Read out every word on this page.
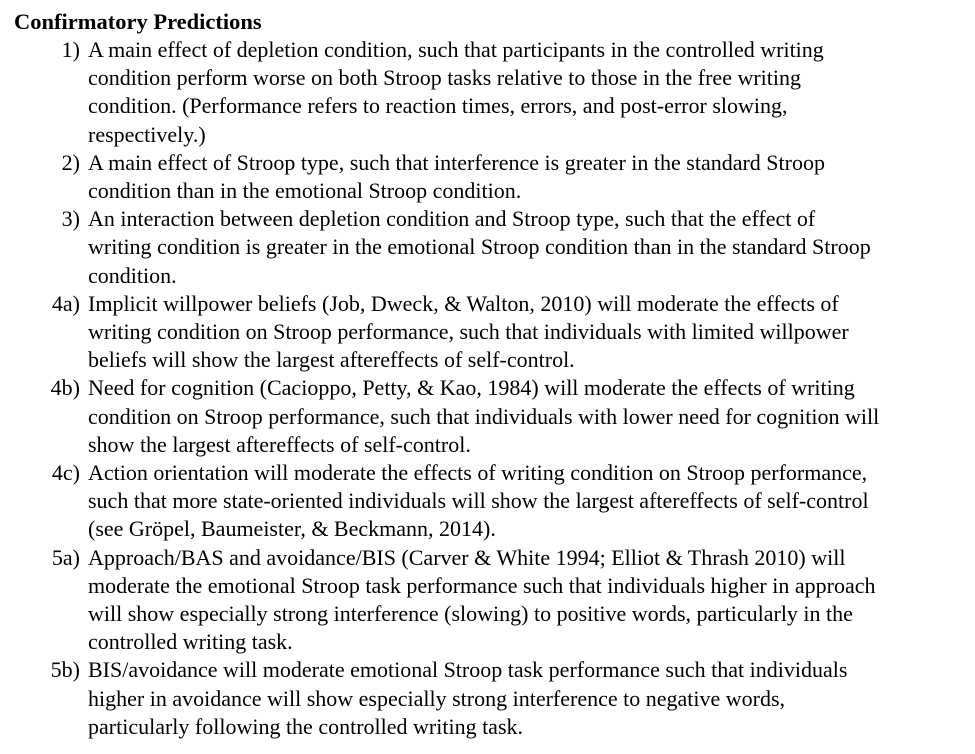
Confirmatory Predictions
1) A main effect of depletion condition, such that participants in the controlled writing
condition perform worse on both Stroop tasks relative to those in the free writing
condition. (Performance refers to reaction times, errors, and post-error slowing,
respectively.)
2) A main effect of Stroop type, such that interference is greater in the standard Stroop
condition than in the emotional Stroop condition.
3) An interaction between depletion condition and Stroop type, such that the effect of
writing condition is greater in the emotional Stroop condition than in the standard Stroop
condition.
4a) Implicit willpower beliefs (Job, Dweck, & Walton, 2010) will moderate the effects of
writing condition on Stroop performance, such that individuals with limited willpower
beliefs will show the largest aftereffects of self-control.
4b) Need for cognition (Cacioppo, Petty, & Kao, 1984) will moderate the effects of writing
condition on Stroop performance, such that individuals with lower need for cognition will
show the largest aftereffects of self-control.
4c) Action orientation will moderate the effects of writing condition on Stroop performance,
such that more state-oriented individuals will show the largest aftereffects of self-control
(see Gröpel, Baumeister, & Beckmann, 2014).
5a) Approach/BAS and avoidance/BIS (Carver & White 1994; Elliot & Thrash 2010) will
moderate the emotional Stroop task performance such that individuals higher in approach
will show especially strong interference (slowing) to positive words, particularly in the
controlled writing task.
5b) BIS/avoidance will moderate emotional Stroop task performance such that individuals
higher in avoidance will show especially strong interference to negative words,
particularly following the controlled writing task.
